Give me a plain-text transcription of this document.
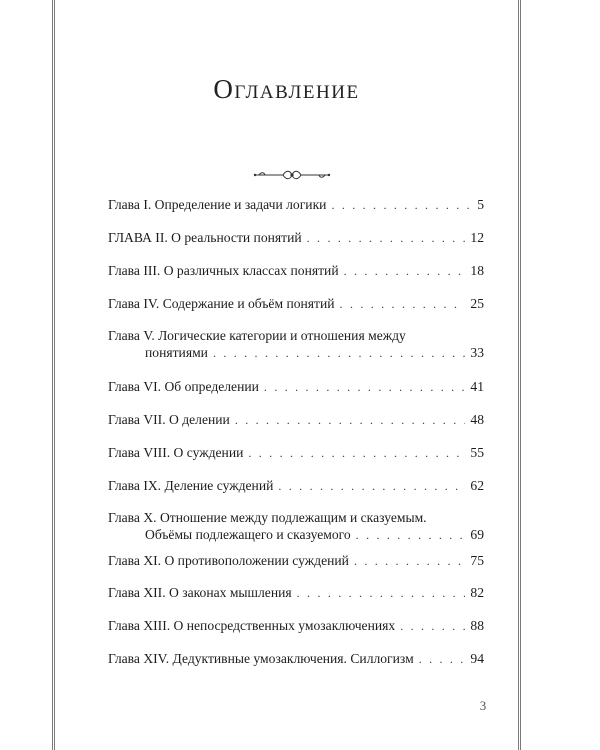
Оглавление
Глава I. Определение и задачи логики . . .	5
ГЛАВА II. О реальности понятий . . .	12
Глава III. О различных классах понятий . . .	18
Глава IV. Содержание и объём понятий . . .	25
Глава V. Логические категории и отношения между
понятиями . . .	33
Глава VI. Об определении . . .	41
Глава VII. О делении . . .	48
Глава VIII. О суждении . . .	55
Глава IX. Деление суждений . . .	62
Глава X. Отношение между подлежащим и сказуемым.
Объёмы подлежащего и сказуемого . . .	69
Глава XI. О противоположении суждений . . .	75
Глава XII. О законах мышления . . .	82
Глава XIII. О непосредственных умозаключениях . . .	88
Глава XIV. Дедуктивные умозаключения. Силлогизм . . .	94
3
